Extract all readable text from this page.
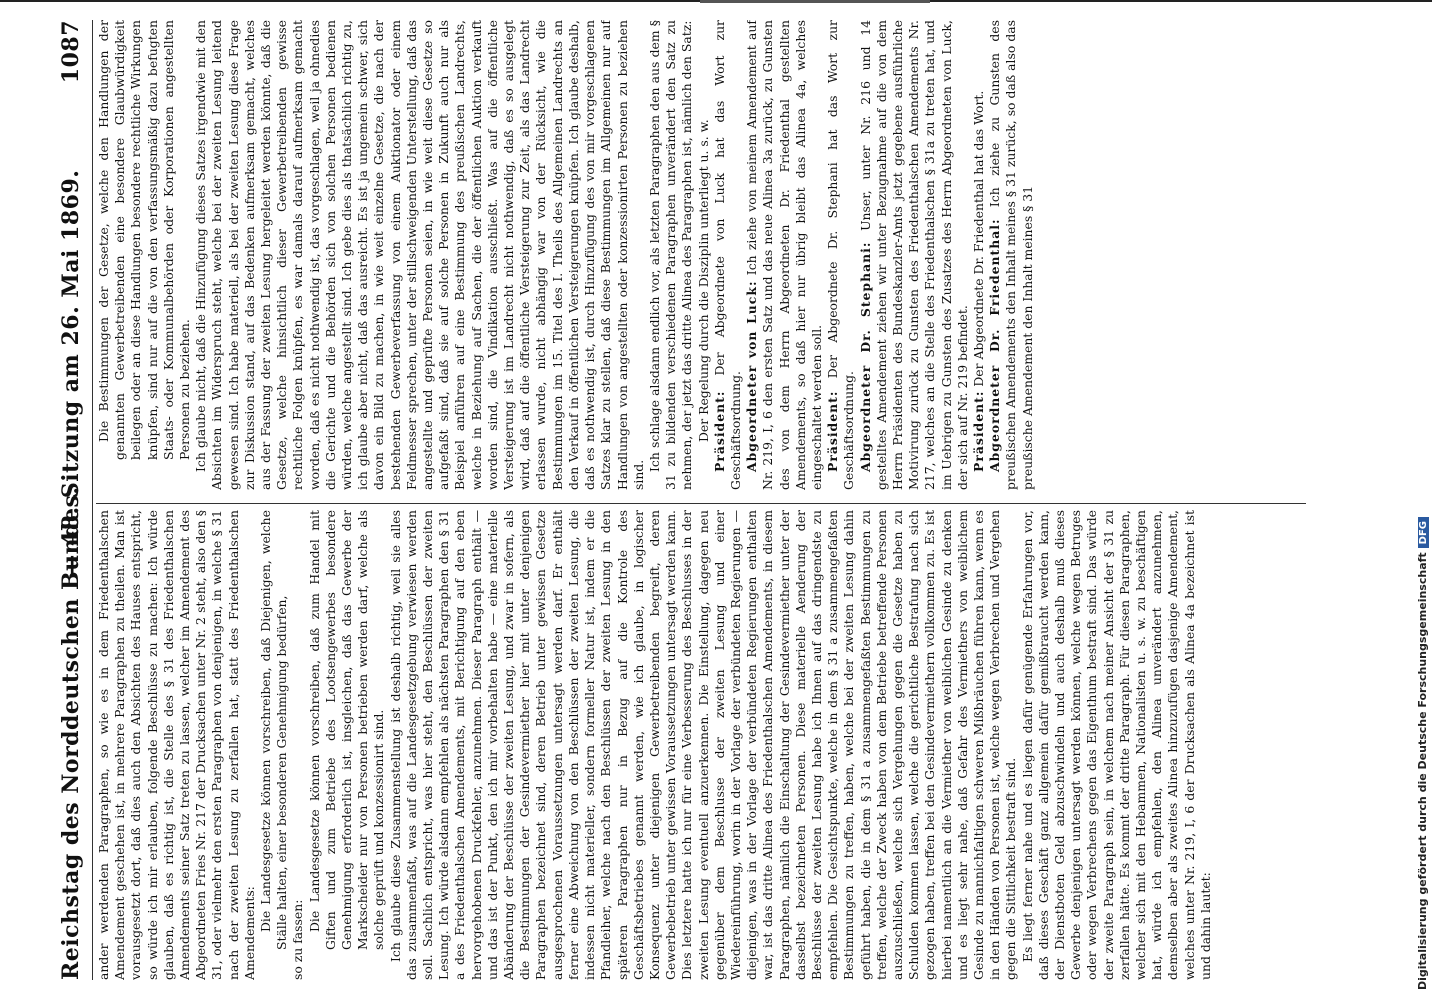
Reichstag des Norddeutschen Bundes.
— 48. Sitzung am 26. Mai 1869.  1087

ander werdenden Paragraphen, so wie es in dem Friedenthalschen Amendement geschehen ist, in mehrere Paragraphen zu theilen. Man ist vorausgesetzt dort, daß dies auch den Absichten des Hauses entspricht, so würde ich mir erlauben, folgende Beschlüsse zu machen: Ich würde glauben, daß es richtig ist, die Stelle des § 31 des Friedenthalschen Amendements seiner Satz treten zu lassen, welcher im Amendement des Abgeordneten Fries Nr. 217 der Drucksachen unter Nr. 2 steht, also den § 31, oder vielmehr den ersten Paragraphen von denjenigen, in welche § 31 nach der zweiten Lesung zu zerfallen hat, statt des Friedenthalschen Amendements:

Die Landesgesetze können vorschreiben, daß Diejenigen, welche Ställe halten, einer besonderen Genehmigung bedürfen, so zu fassen:

Die Landesgesetze können vorschreiben, daß zum Handel mit Giften und zum Betriebe des Lootsengewerbes besondere Genehmigung erforderlich ist, insgleichen, daß das Gewerbe der Markscheider nur von Personen betrieben werden darf, welche als solche geprüft und konzessionirt sind. Ich glaube diese Zusammenstellung ist deshalb richtig, weil sie alles das zusammenfaßt, was auf die Landesgesetzgebung verwiesen werden soll. Sachlich entspricht, was hier steht, den Beschlüssen der zweiten Lesung. Ich würde alsdann empfehlen als nächsten Paragraphen den § 31 a des Friedenthalschen Amendements, mit Berichtigung auf den eben hervorgehobenen Druckfehler, anzunehmen. Dieser Paragraph enthält — und das ist der Punkt, den ich mir vorbehalten habe — eine materielle Abänderung der Beschlüsse der zweiten Lesung, und zwar in sofern, als die Bestimmungen der Gesindevermiether hier mit unter denjenigen Paragraphen bezeichnet sind, deren Betrieb unter gewissen Gesetze ausgesprochenen Voraussetzungen untersagt werden darf. Er enthält ferner eine Abweichung von den Beschlüssen der zweiten Lesung, die indessen nicht materieller, sondern formeller Natur ist, indem er die Pfandleiher, welche nach den Beschlüssen der zweiten Lesung in den späteren Paragraphen nur in Bezug auf die Kontrole des Geschäftsbetriebes genannt werden, wie ich glaube, in logischer Konsequenz unter diejenigen Gewerbetreibenden begreift, deren Gewerbebetrieb unter gewissen Voraussetzungen untersagt werden kann. Dies letztere hatte ich nur für eine Verbesserung des Beschlusses in der zweiten Lesung eventuell anzuerkennen. Die Einstellung, dagegen neu gegenüber dem Beschlusse der zweiten Lesung und einer Wiedereinführung, worin in der Vorlage der verbündeten Regierungen — diejenigen, was in der Vorlage der verbündeten Regierungen enthalten war, ist das dritte Alinea des Friedenthalschen Amendements, in diesem Paragraphen, nämlich die Einschaltung der Gesindevermiether unter der dasselbst bezeichneten Personen. Diese materielle Aenderung der Beschlüsse der zweiten Lesung habe ich Ihnen auf das dringendste zu empfehlen. Die Gesichtspunkte, welche in dem § 31 a zusammengefaßten Bestimmungen zu treffen, haben, welche bei der zweiten Lesung dahin geführt haben, die in dem § 31 a zusammengefaßten Bestimmungen zu treffen, welche der Zweck haben von dem Betriebe betreffende Personen auszuschließen, welche sich Vergehungen gegen die Gesetze haben zu Schulden kommen lassen, welche die gerichtliche Bestrafung nach sich gezogen haben, treffen bei den Gesindevermiethern vollkommen zu. Es ist hierbei namentlich an die Vermiether von weiblichen Gesinde zu denken und es liegt sehr nahe, daß Gefahr des Vermiethers von weiblichem Gesinde zu mannichfaltigen schweren Mißbräuchen führen kann, wenn es in den Händen von Personen ist, welche wegen Verbrechen und Vergehen gegen die Sittlichkeit bestraft sind. Es liegt ferner nahe und es liegen dafür genügende Erfahrungen vor, daß dieses Geschäft ganz allgemein dafür gemißbraucht werden kann, der Dienstboten Geld abzuschwindeln und auch deshalb muß dieses Gewerbe denjenigen untersagt werden können, welche wegen Betruges oder wegen Verbrechens gegen das Eigenthum bestraft sind. Das würde der zweite Paragraph sein, in welchem nach meiner Ansicht der § 31 zu zerfallen hätte. Es kommt der dritte Paragraph. Für diesen Paragraphen, welcher sich mit den Hebammen, Nationalisten u. s. w. zu beschäftigen hat, würde ich empfehlen, den Alinea unverändert anzunehmen, demselben aber als zweites Alinea hinzuzufügen dasjenige Amendement, welches unter Nr. 219, I, 6 der Drucksachen als Alinea 4a bezeichnet ist und dahin lautet:

Die Bestimmungen der Gesetze, welche den Handlungen der genannten Gewerbetreibenden eine besondere Glaubwürdigkeit beilegen oder an diese Handlungen besondere rechtliche Wirkungen knüpfen, sind nur auf die von den verfassungsmäßig dazu befugten Staats- oder Kommunalbehörden oder Korporationen angestellten Personen zu beziehen. Ich glaube nicht, daß die Hinzufügung dieses Satzes irgendwie mit den Absichten im Widerspruch steht, welche bei der zweiten Lesung leitend gewesen sind. Ich habe materiell, als bei der zweiten Lesung diese Frage zur Diskussion stand, auf das Bedenken aufmerksam gemacht, welches aus der Fassung der zweiten Lesung hergeleitet werden könnte, daß die Gesetze, welche hinsichtlich dieser Gewerbetreibenden gewisse rechtliche Folgen knüpfen, es war damals darauf aufmerksam gemacht worden, daß es nicht nothwendig ist, das vorgeschlagen, weil ja ohnedies die Gerichte und die Behörden sich von solchen Personen bedienen würden, welche angestellt sind. Ich gebe dies als thatsächlich richtig zu, ich glaube aber nicht, daß das ausreicht. Es ist ja ungemein schwer, sich davon ein Bild zu machen, in wie weit einzelne Gesetze, die nach der bestehenden Gewerbeverfassung von einem Auktionator oder einem Feldmesser sprechen, unter der stillschweigenden Unterstellung, daß das angestellte und geprüfte Personen seien, in wie weit diese Gesetze so aufgefaßt sind, daß sie auf solche Personen in Zukunft auch nur als Beispiel anführen auf eine Bestimmung des preußischen Landrechts, welche in Beziehung auf Sachen, die der öffentlichen Auktion verkauft worden sind, die Vindikation ausschließt. Was auf die öffentliche Versteigerung ist im Landrecht nicht nothwendig, daß es so ausgelegt wird, daß auf die öffentliche Versteigerung zur Zeit, als das Landrecht erlassen wurde, nicht abhängig war von der Rücksicht, wie die Bestimmungen im 15. Titel des I. Theils des Allgemeinen Landrechts an den Verkauf in öffentlichen Versteigerungen knüpfen. Ich glaube deshalb, daß es nothwendig ist, durch Hinzufügung des von mir vorgeschlagenen Satzes klar zu stellen, daß diese Bestimmungen im Allgemeinen nur auf Handlungen von angestellten oder konzessionirten Personen zu beziehen sind.

Ich schlage alsdann endlich vor, als letzten Paragraphen den aus dem § 31 zu bildenden verschiedenen Paragraphen unverändert den Satz zu nehmen, der jetzt das dritte Alinea des Paragraphen ist, nämlich den Satz: Der Regelung durch die Disziplin unterliegt u. s. w. Präsident: Der Abgeordnete von Luck hat das Wort zur Geschäftsordnung. Abgeordneter von Luck: Ich ziehe von meinem Amendement auf Nr. 219, I, 6 den ersten Satz und das neue Alinea 3a zurück, zu Gunsten des von dem Herrn Abgeordneten Dr. Friedenthal gestellten Amendements, so daß hier nur übrig bleibt das Alinea 4a, welches eingeschaltet werden soll. Präsident: Der Abgeordnete Dr. Stephani hat das Wort zur Geschäftsordnung. Abgeordneter Dr. Stephani: Unser, unter Nr. 216 und 14 gestelltes Amendement ziehen wir unter Bezugnahme auf die von dem Herrn Präsidenten des Bundeskanzler-Amts jetzt gegebene ausführliche Motivirung zurück zu Gunsten des Friedenthalschen Amendements Nr. 217, welches an die Stelle des Friedenthalschen § 31a zu treten hat, und im Uebrigen zu Gunsten des Zusatzes des Herrn Abgeordneten von Luck, der sich auf Nr. 219 befindet. Präsident: Der Abgeordnete Dr. Friedenthal hat das Wort. Abgeordneter Dr. Friedenthal: Ich ziehe zu Gunsten des preußischen Amendements den Inhalt meines § 31 zurück, so daß also das preußische Amendement den Inhalt meines § 31

Digitalisierung gefördert durch die Deutsche ForschungsgemeinschaftDFG
